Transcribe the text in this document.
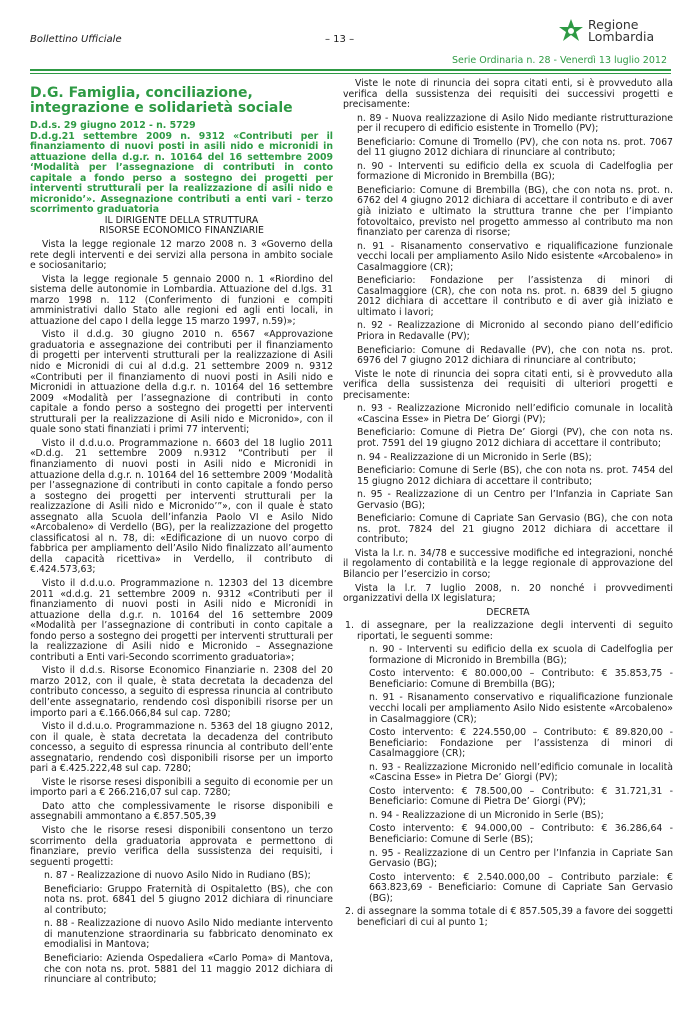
Bollettino Ufficiale	– 13 –
Regione
Lombardia
Serie Ordinaria n. 28 - Venerdì 13 luglio 2012

D.G. Famiglia, conciliazione, integrazione e solidarietà sociale

D.d.s. 29 giugno 2012 - n. 5729

D.d.g.21 settembre 2009 n. 9312 «Contributi per il finanziamento di nuovi posti in asili nido e micronidi in attuazione della d.g.r. n. 10164 del 16 settembre 2009 ‘Modalità per l’assegnazione di contributi in conto capitale a fondo perso a sostegno dei progetti per interventi strutturali per la realizzazione di asili nido e micronido’». Assegnazione contributi a enti vari - terzo scorrimento graduatoria

IL DIRIGENTE DELLA STRUTTURA

RISORSE ECONOMICO FINANZIARIE

Vista la legge regionale 12 marzo 2008 n. 3 «Governo della rete degli interventi e dei servizi alla persona in ambito sociale e sociosanitario;

Vista la legge regionale 5 gennaio 2000 n. 1 «Riordino del sistema delle autonomie in Lombardia. Attuazione del d.lgs. 31 marzo 1998 n. 112 (Conferimento di funzioni e compiti amministrativi dallo Stato alle regioni ed agli enti locali, in attuazione del capo I della legge 15 marzo 1997, n.59)»;

Visto il d.d.g. 30 giugno 2010 n. 6567 «Approvazione graduatoria e assegnazione dei contributi per il finanziamento di progetti per interventi strutturali per la realizzazione di Asili nido e Micronidi di cui al d.d.g. 21 settembre 2009 n. 9312 «Contributi per il finanziamento di nuovi posti in Asili nido e Micronidi in attuazione della d.g.r. n. 10164 del 16 settembre 2009 «Modalità per l’assegnazione di contributi in conto capitale a fondo perso a sostegno dei progetti per interventi strutturali per la realizzazione di Asili nido e Micronido», con il quale sono stati finanziati i primi 77 interventi;

Visto il d.d.u.o. Programmazione n. 6603 del 18 luglio 2011 «D.d.g. 21 settembre 2009 n.9312 “Contributi per il finanziamento di nuovi posti in Asili nido e Micronidi in attuazione della d.g.r. n. 10164 del 16 settembre 2009 ‘Modalità per l’assegnazione di contributi in conto capitale a fondo perso a sostegno dei progetti per interventi strutturali per la realizzazione di Asili nido e Micronido’”», con il quale è stato assegnato alla Scuola dell’infanzia Paolo VI e Asilo Nido «Arcobaleno» di Verdello (BG), per la realizzazione del progetto classificatosi al n. 78, di: «Edificazione di un nuovo corpo di fabbrica per ampliamento dell’Asilo Nido finalizzato all’aumento della capacità ricettiva» in Verdello, il contributo di €.424.573,63;

Visto il d.d.u.o. Programmazione n. 12303 del 13 dicembre 2011 «d.d.g. 21 settembre 2009 n. 9312 «Contributi per il finanziamento di nuovi posti in Asili nido e Micronidi in attuazione della d.g.r. n. 10164 del 16 settembre 2009 «Modalità per l’assegnazione di contributi in conto capitale a fondo perso a sostegno dei progetti per interventi strutturali per la realizzazione di Asili nido e Micronido – Assegnazione contributi a Enti vari-Secondo scorrimento graduatoria»;

Visto il d.d.s. Risorse Economico Finanziarie n. 2308 del 20 marzo 2012, con il quale, è stata decretata la decadenza del contributo concesso, a seguito di espressa rinuncia al contributo dell’ente assegnatario, rendendo così disponibili risorse per un importo pari a €.166.066,84 sul cap. 7280;

Visto il d.d.u.o. Programmazione n. 5363 del 18 giugno 2012, con il quale, è stata decretata la decadenza del contributo concesso, a seguito di espressa rinuncia al contributo dell’ente assegnatario, rendendo così disponibili risorse per un importo pari a €.425.222,48 sul cap. 7280;

Viste le risorse resesi disponibili a seguito di economie per un importo pari a € 266.216,07 sul cap. 7280;

Dato atto che complessivamente le risorse disponibili e assegnabili ammontano a €.857.505,39

Visto che le risorse resesi disponibili consentono un terzo scorrimento della graduatoria approvata e permettono di finanziare, previo verifica della sussistenza dei requisiti, i seguenti progetti:

n. 87 - Realizzazione di nuovo Asilo Nido in Rudiano (BS);

Beneficiario: Gruppo Fraternità di Ospitaletto (BS), che con nota ns. prot. 6841 del 5 giugno 2012 dichiara di rinunciare al contributo;

n. 88 - Realizzazione di nuovo Asilo Nido mediante intervento di manutenzione straordinaria su fabbricato denominato ex emodialisi in Mantova;

Beneficiario: Azienda Ospedaliera «Carlo Poma» di Mantova, che con nota ns. prot. 5881 del 11 maggio 2012 dichiara di rinunciare al contributo;

Viste le note di rinuncia dei sopra citati enti, si è provveduto alla verifica della sussistenza dei requisiti dei successivi progetti e precisamente:

n. 89 - Nuova realizzazione di Asilo Nido mediante ristrutturazione per il recupero di edificio esistente in Tromello (PV);

Beneficiario: Comune di Tromello (PV), che con nota ns. prot. 7067 del 11 giugno 2012 dichiara di rinunciare al contributo;

n. 90 - Interventi su edificio della ex scuola di Cadelfoglia per formazione di Micronido in Brembilla (BG);

Beneficiario: Comune di Brembilla (BG), che con nota ns. prot. n. 6762 del 4 giugno 2012 dichiara di accettare il contributo e di aver già iniziato e ultimato la struttura tranne che per l’impianto fotovoltaico, previsto nel progetto ammesso al contributo ma non finanziato per carenza di risorse;

n. 91 - Risanamento conservativo e riqualificazione funzionale vecchi locali per ampliamento Asilo Nido esistente «Arcobaleno» in Casalmaggiore (CR);

Beneficiario: Fondazione per l’assistenza di minori di Casalmaggiore (CR), che con nota ns. prot. n. 6839 del 5 giugno 2012 dichiara di accettare il contributo e di aver già iniziato e ultimato i lavori;

n. 92 - Realizzazione di Micronido al secondo piano dell’edificio Priora in Redavalle (PV);

Beneficiario: Comune di Redavalle (PV), che con nota ns. prot. 6976 del 7 giugno 2012 dichiara di rinunciare al contributo;

Viste le note di rinuncia dei sopra citati enti, si è provveduto alla verifica della sussistenza dei requisiti di ulteriori progetti e precisamente:

n. 93 - Realizzazione Micronido nell’edificio comunale in località «Cascina Esse» in Pietra De’ Giorgi (PV);

Beneficiario: Comune di Pietra De’ Giorgi (PV), che con nota ns. prot. 7591 del 19 giugno 2012 dichiara di accettare il contributo;

n. 94 - Realizzazione di un Micronido in Serle (BS);

Beneficiario: Comune di Serle (BS), che con nota ns. prot. 7454 del 15 giugno 2012 dichiara di accettare il contributo;

n. 95 - Realizzazione di un Centro per l’Infanzia in Capriate San Gervasio (BG);

Beneficiario: Comune di Capriate San Gervasio (BG), che con nota ns. prot. 7824 del 21 giugno 2012 dichiara di accettare il contributo;

Vista la l.r. n. 34/78 e successive modifiche ed integrazioni, nonché il regolamento di contabilità e la legge regionale di approvazione del Bilancio per l’esercizio in corso;

Vista la l.r. 7 luglio 2008, n. 20 nonché i provvedimenti organizzativi della IX legislatura;

DECRETA

1. di assegnare, per la realizzazione degli interventi di seguito riportati, le seguenti somme:

n. 90 - Interventi su edificio della ex scuola di Cadelfoglia per formazione di Micronido in Brembilla (BG);

Costo intervento: € 80.000,00 – Contributo: € 35.853,75 - Beneficiario: Comune di Brembilla (BG);

n. 91 - Risanamento conservativo e riqualificazione funzionale vecchi locali per ampliamento Asilo Nido esistente «Arcobaleno» in Casalmaggiore (CR);

Costo intervento: € 224.550,00 – Contributo: € 89.820,00 - Beneficiario: Fondazione per l’assistenza di minori di Casalmaggiore (CR);

n. 93 - Realizzazione Micronido nell’edificio comunale in località «Cascina Esse» in Pietra De’ Giorgi (PV);

Costo intervento: € 78.500,00 – Contributo: € 31.721,31 - Beneficiario: Comune di Pietra De’ Giorgi (PV);

n. 94 - Realizzazione di un Micronido in Serle (BS);

Costo intervento: € 94.000,00 – Contributo: € 36.286,64 - Beneficiario: Comune di Serle (BS);

n. 95 - Realizzazione di un Centro per l’Infanzia in Capriate San Gervasio (BG);

Costo intervento: € 2.540.000,00 – Contributo parziale: € 663.823,69 - Beneficiario: Comune di Capriate San Gervasio (BG);

2. di assegnare la somma totale di € 857.505,39 a favore dei soggetti beneficiari di cui al punto 1;
